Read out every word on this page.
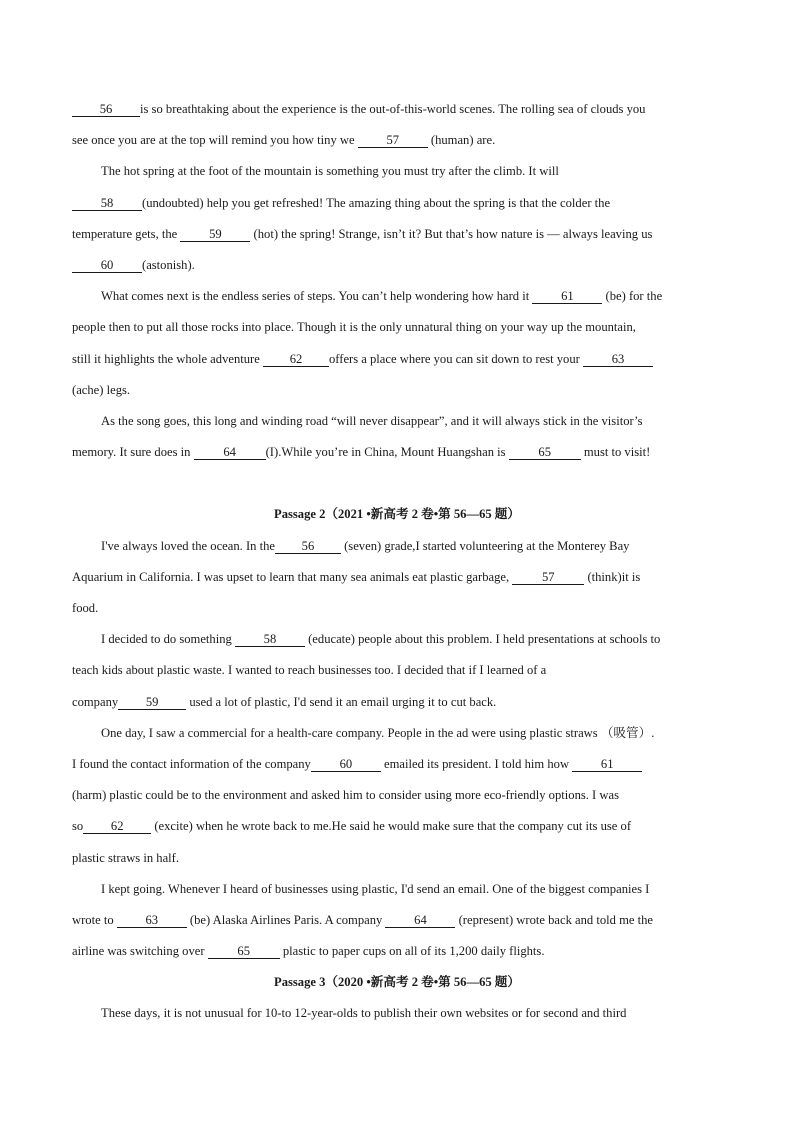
56 is so breathtaking about the experience is the out-of-this-world scenes. The rolling sea of clouds you
see once you are at the top will remind you how tiny we 57 (human) are.
The hot spring at the foot of the mountain is something you must try after the climb. It will
58 (undoubted) help you get refreshed! The amazing thing about the spring is that the colder the
temperature gets, the 59 (hot) the spring! Strange, isn’t it? But that’s how nature is — always leaving us
60 (astonish).
What comes next is the endless series of steps. You can’t help wondering how hard it 61 (be) for the
people then to put all those rocks into place. Though it is the only unnatural thing on your way up the mountain,
still it highlights the whole adventure 62 offers a place where you can sit down to rest your 63
(ache) legs.
As the song goes, this long and winding road “will never disappear”, and it will always stick in the visitor’s
memory. It sure does in 64 (I).While you’re in China, Mount Huangshan is 65 must to visit!
Passage 2（2021 •新高考 2 卷•第 56—65 题）
I've always loved the ocean. In the 56 (seven) grade,I started volunteering at the Monterey Bay
Aquarium in California. I was upset to learn that many sea animals eat plastic garbage, 57 (think)it is
food.
I decided to do something 58 (educate) people about this problem. I held presentations at schools to
teach kids about plastic waste. I wanted to reach businesses too. I decided that if I learned of a
company 59 used a lot of plastic, I'd send it an email urging it to cut back.
One day, I saw a commercial for a health-care company. People in the ad were using plastic straws （吸管）.
I found the contact information of the company 60 emailed its president. I told him how 61
(harm) plastic could be to the environment and asked him to consider using more eco-friendly options. I was
so 62 (excite) when he wrote back to me.He said he would make sure that the company cut its use of
plastic straws in half.
I kept going. Whenever I heard of businesses using plastic, I'd send an email. One of the biggest companies I
wrote to 63 (be) Alaska Airlines Paris. A company 64 (represent) wrote back and told me the
airline was switching over 65 plastic to paper cups on all of its 1,200 daily flights.
Passage 3（2020 •新高考 2 卷•第 56—65 题）
These days, it is not unusual for 10-to 12-year-olds to publish their own websites or for second and third
